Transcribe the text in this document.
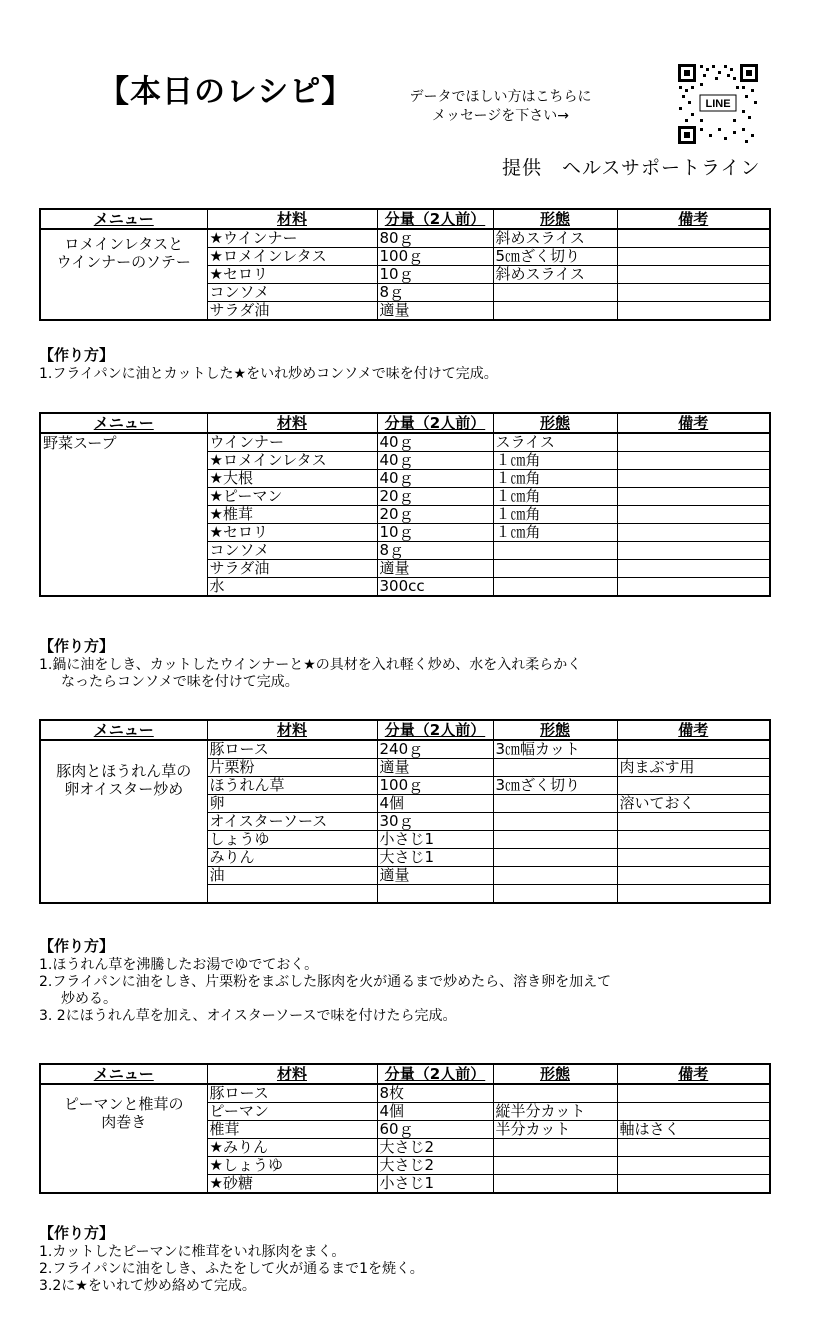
【本日のレシピ】	データでほしい方はこちらに
メッセージを下さい→
LINE
提供　ヘルスサポートライン
メニュー	材料	分量（2人前）	形態	備考

ロメインレタスと
ウインナーのソテー	★ウインナー	80ｇ	斜めスライス	
	★ロメインレタス	100ｇ	5㎝ざく切り	
	★セロリ	10ｇ	斜めスライス	
	コンソメ	8ｇ		
	サラダ油	適量		
【作り方】

1.フライパンに油とカットした★をいれ炒めコンソメで味を付けて完成。

メニュー	材料	分量（2人前）	形態	備考

野菜スープ	ウインナー	40ｇ	スライス	
	★ロメインレタス	40ｇ	１㎝角	
	★大根	40ｇ	１㎝角	
	★ピーマン	20ｇ	１㎝角	
	★椎茸	20ｇ	１㎝角	
	★セロリ	10ｇ	１㎝角	
	コンソメ	8ｇ		
	サラダ油	適量		
	水	300cc		
【作り方】

1.鍋に油をしき、カットしたウインナーと★の具材を入れ軽く炒め、水を入れ柔らかく

なったらコンソメで味を付けて完成。

メニュー	材料	分量（2人前）	形態	備考

豚肉とほうれん草の
卵オイスター炒め	豚ロース	240ｇ	3㎝幅カット	
	片栗粉	適量		肉まぶす用
	ほうれん草	100ｇ	3㎝ざく切り	
	卵	4個		溶いておく
	オイスターソース	30ｇ		
	しょうゆ	小さじ1		
	みりん	大さじ1		
	油	適量		

【作り方】

1.ほうれん草を沸騰したお湯でゆでておく。

2.フライパンに油をしき、片栗粉をまぶした豚肉を火が通るまで炒めたら、溶き卵を加えて

炒める。

3. 2にほうれん草を加え、オイスターソースで味を付けたら完成。

メニュー	材料	分量（2人前）	形態	備考

ピーマンと椎茸の
肉巻き	豚ロース	8枚		
	ピーマン	4個	縦半分カット	
	椎茸	60ｇ	半分カット	軸はさく
	★みりん	大さじ2		
	★しょうゆ	大さじ2		
	★砂糖	小さじ1		
【作り方】

1.カットしたピーマンに椎茸をいれ豚肉をまく。

2.フライパンに油をしき、ふたをして火が通るまで1を焼く。

3.2に★をいれて炒め絡めて完成。
